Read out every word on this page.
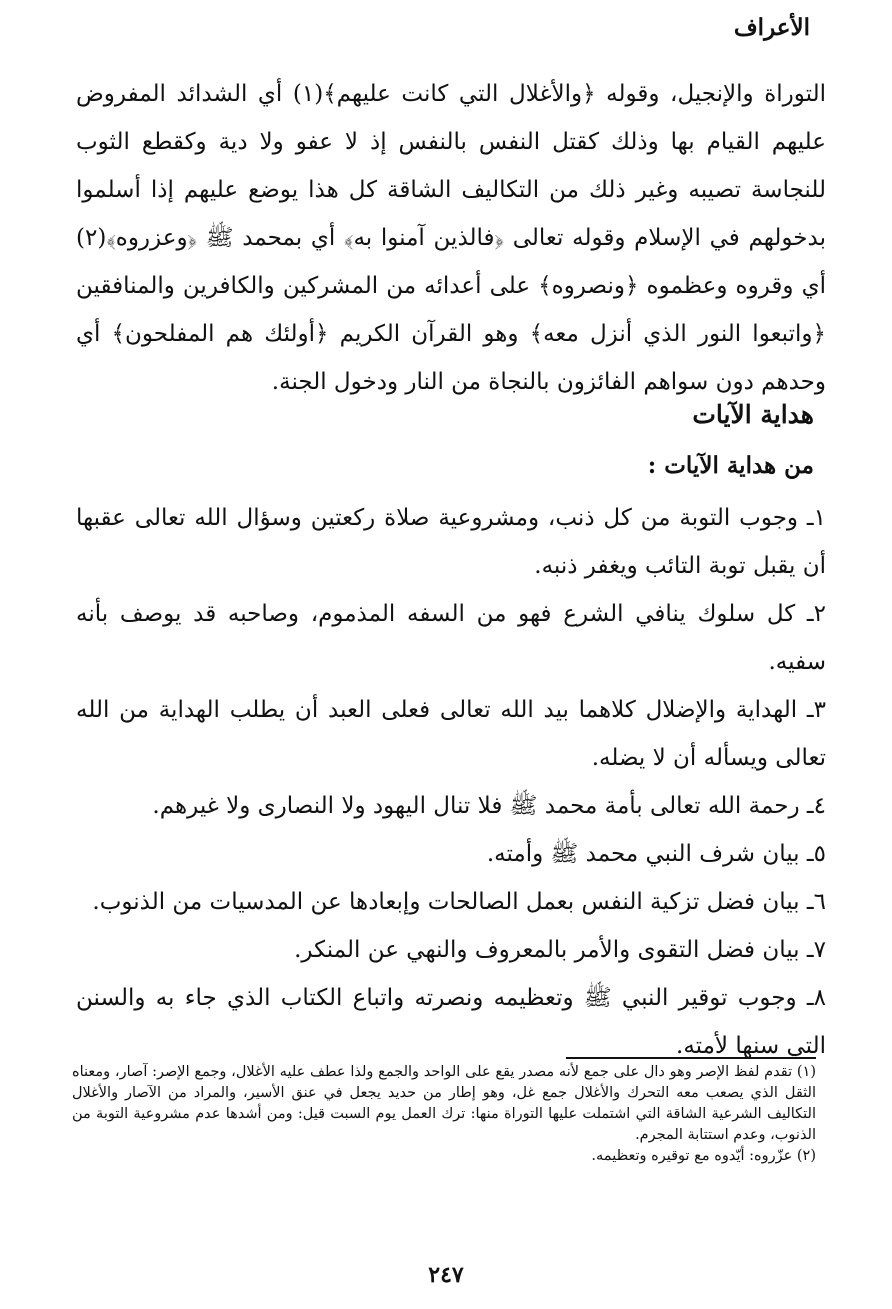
الأعراف

التوراة والإنجيل، وقوله ﴿والأغلال التي كانت عليهم﴾(١) أي الشدائد المفروض عليهم القيام بها وذلك كقتل النفس بالنفس إذ لا عفو ولا دية وكقطع الثوب للنجاسة تصيبه وغير ذلك من التكاليف الشاقة كل هذا يوضع عليهم إذا أسلموا بدخولهم في الإسلام وقوله تعالى ﴿فالذين آمنوا به﴾ أي بمحمد ﷺ ﴿وعزروه﴾(٢) أي وقروه وعظموه ﴿ونصروه﴾ على أعدائه من المشركين والكافرين والمنافقين ﴿واتبعوا النور الذي أنزل معه﴾ وهو القرآن الكريم ﴿أولئك هم المفلحون﴾ أي وحدهم دون سواهم الفائزون بالنجاة من النار ودخول الجنة.

هداية الآيات
من هداية الآيات :
١ـ وجوب التوبة من كل ذنب، ومشروعية صلاة ركعتين وسؤال الله تعالى عقبها أن يقبل توبة التائب ويغفر ذنبه.
٢ـ كل سلوك ينافي الشرع فهو من السفه المذموم، وصاحبه قد يوصف بأنه سفيه.
٣ـ الهداية والإضلال كلاهما بيد الله تعالى فعلى العبد أن يطلب الهداية من الله تعالى ويسأله أن لا يضله.
٤ـ رحمة الله تعالى بأمة محمد ﷺ فلا تنال اليهود ولا النصارى ولا غيرهم.
٥ـ بيان شرف النبي محمد ﷺ وأمته.
٦ـ بيان فضل تزكية النفس بعمل الصالحات وإبعادها عن المدسيات من الذنوب.
٧ـ بيان فضل التقوى والأمر بالمعروف والنهي عن المنكر.
٨ـ وجوب توقير النبي ﷺ وتعظيمه ونصرته واتباع الكتاب الذي جاء به والسنن التي سنها لأمته.

(١) تقدم لفظ الإصر وهو دال على جمع لأنه مصدر يقع على الواحد والجمع ولذا عطف عليه الأغلال، وجمع الإصر: آصار، ومعناه الثقل الذي يصعب معه التحرك والأغلال جمع غل، وهو إطار من حديد يجعل في عنق الأسير، والمراد من الآصار والأغلال التكاليف الشرعية الشاقة التي اشتملت عليها التوراة منها: ترك العمل يوم السبت قيل: ومن أشدها عدم مشروعية التوبة من الذنوب، وعدم استتابة المجرم.

(٢) عزّروه: أيّدوه مع توقيره وتعظيمه.

٢٤٧
